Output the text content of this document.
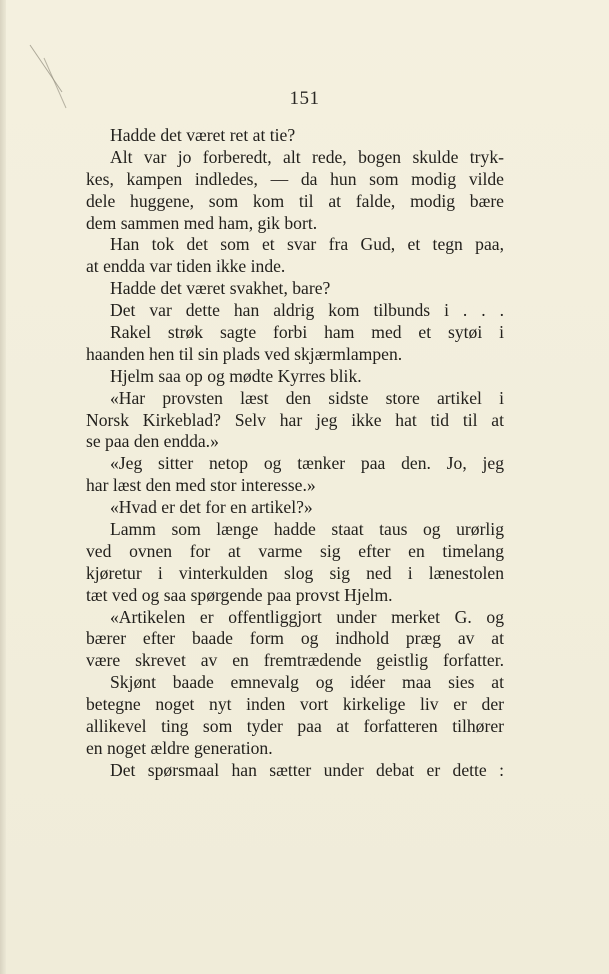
151
Hadde det været ret at tie?
Alt var jo forberedt, alt rede, bogen skulde tryk-
kes, kampen indledes, — da hun som modig vilde
dele huggene, som kom til at falde, modig bære
dem sammen med ham, gik bort.
Han tok det som et svar fra Gud, et tegn paa,
at endda var tiden ikke inde.
Hadde det været svakhet, bare?
Det var dette han aldrig kom tilbunds i . . .
Rakel strøk sagte forbi ham med et sytøi i
haanden hen til sin plads ved skjærmlampen.
Hjelm saa op og mødte Kyrres blik.
«Har provsten læst den sidste store artikel i
Norsk Kirkeblad? Selv har jeg ikke hat tid til at
se paa den endda.»
«Jeg sitter netop og tænker paa den. Jo, jeg
har læst den med stor interesse.»
«Hvad er det for en artikel?»
Lamm som længe hadde staat taus og urørlig
ved ovnen for at varme sig efter en timelang
kjøretur i vinterkulden slog sig ned i lænestolen
tæt ved og saa spørgende paa provst Hjelm.
«Artikelen er offentliggjort under merket G. og
bærer efter baade form og indhold præg av at
være skrevet av en fremtrædende geistlig forfatter.
Skjønt baade emnevalg og idéer maa sies at
betegne noget nyt inden vort kirkelige liv er der
allikevel ting som tyder paa at forfatteren tilhører
en noget ældre generation.
Det spørsmaal han sætter under debat er dette :
